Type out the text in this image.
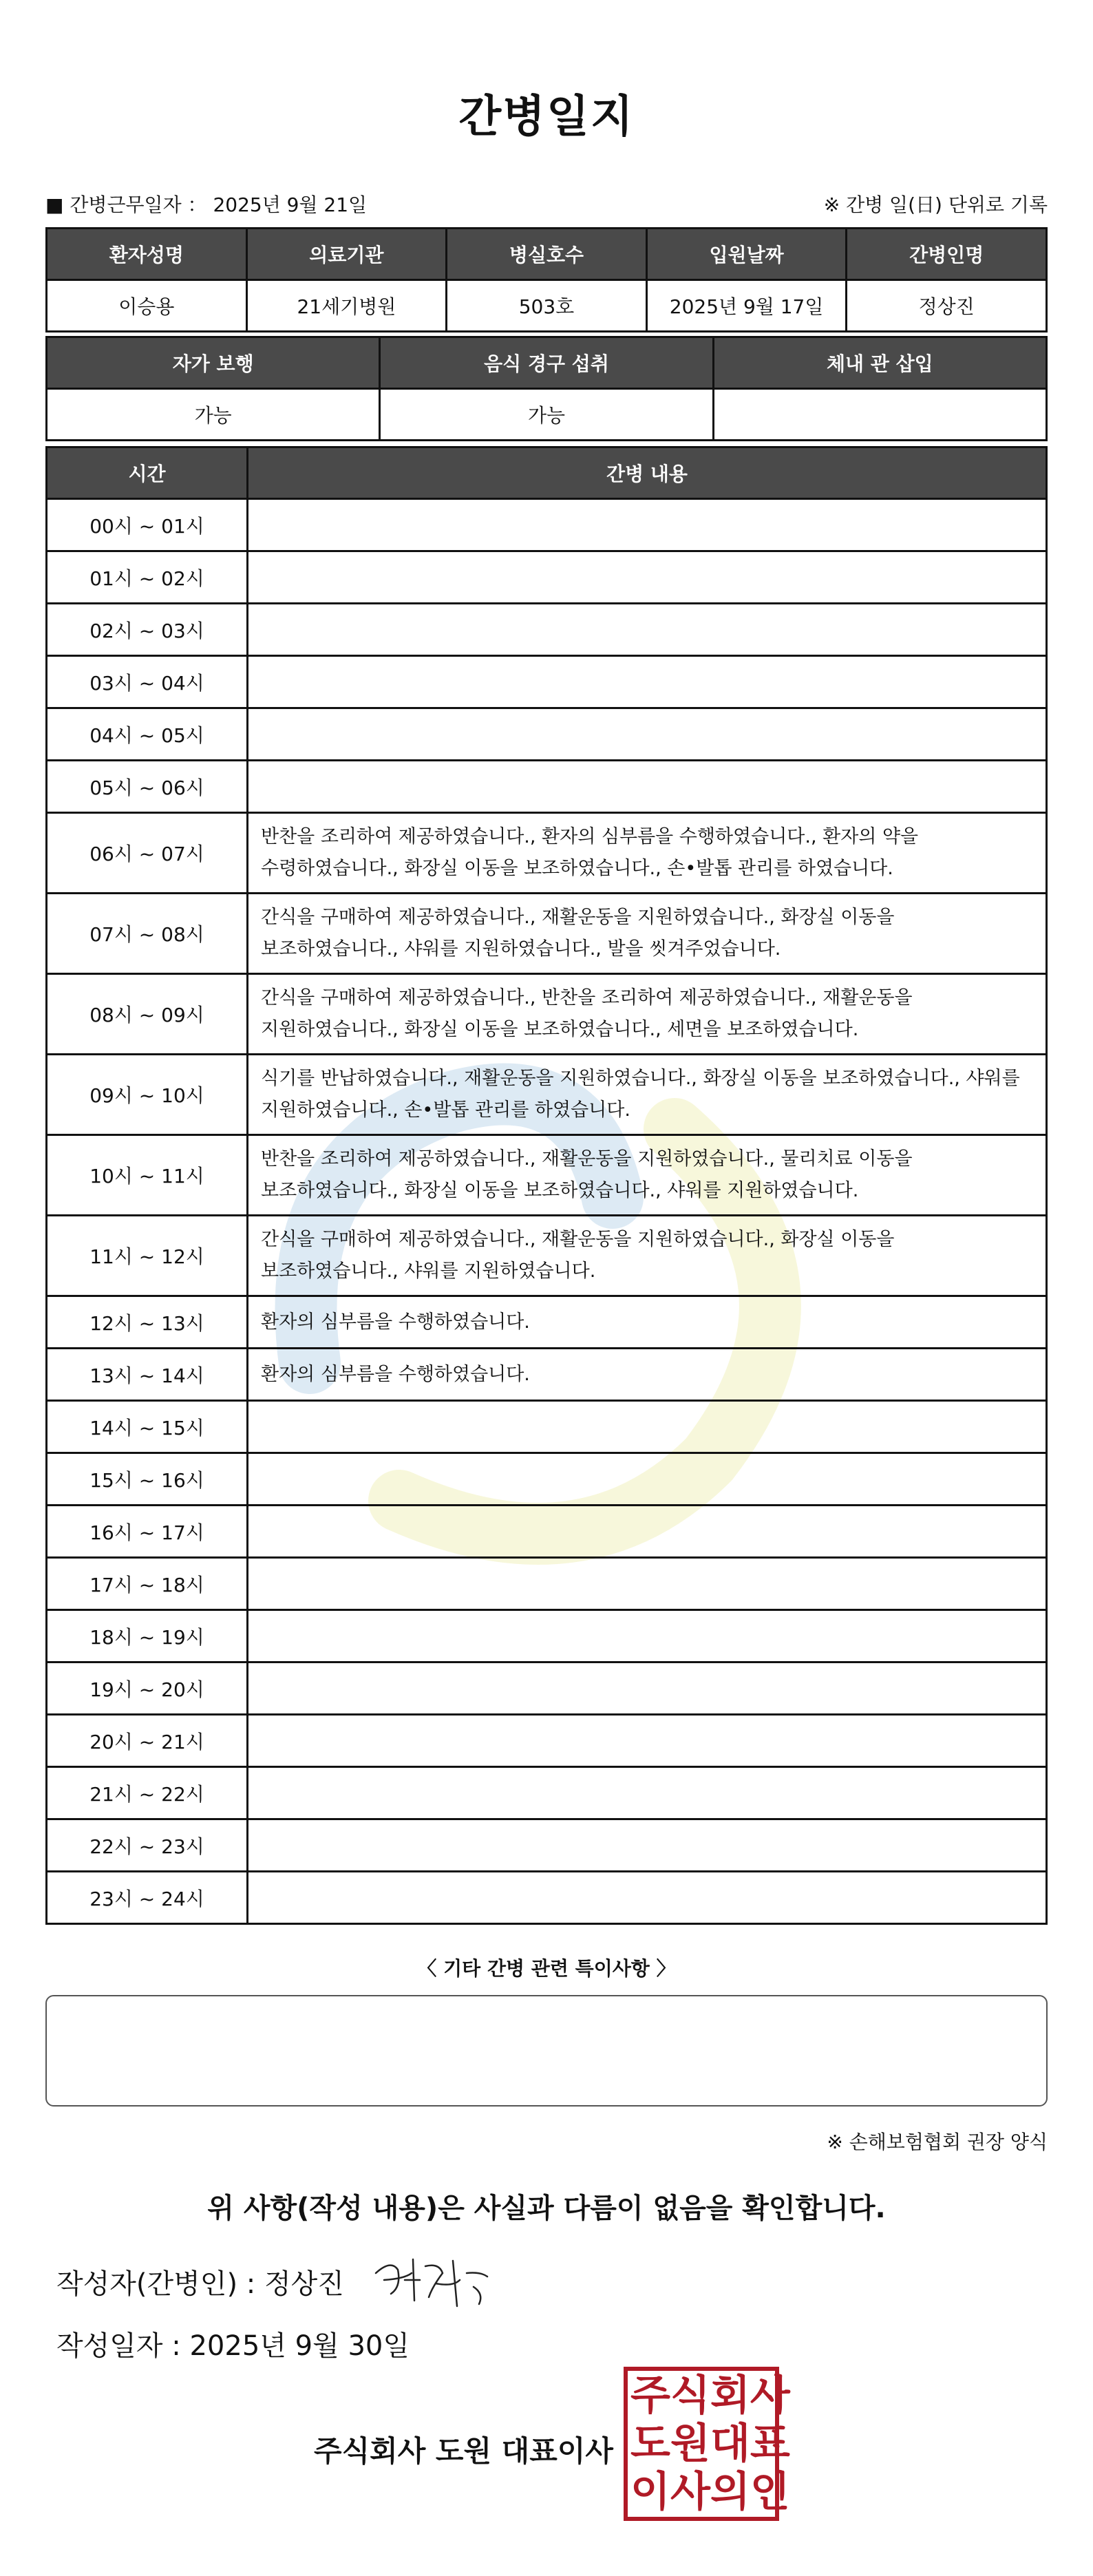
간병일지
■ 간병근무일자 ： 2025년 9월 21일	※ 간병 일(日) 단위로 기록
환자성명	의료기관	병실호수	입원날짜	간병인명
이승용	21세기병원	503호	2025년 9월 17일	정상진
자가 보행	음식 경구 섭취	체내 관 삽입
가능	가능	
시간	간병 내용
00시 ~ 01시	
01시 ~ 02시	
02시 ~ 03시	
03시 ~ 04시	
04시 ~ 05시	
05시 ~ 06시	
06시 ~ 07시	반찬을 조리하여 제공하였습니다., 환자의 심부름을 수행하였습니다., 환자의 약을 수령하였습니다., 화장실 이동을 보조하였습니다., 손•발톱 관리를 하였습니다.
07시 ~ 08시	간식을 구매하여 제공하였습니다., 재활운동을 지원하였습니다., 화장실 이동을 보조하였습니다., 샤워를 지원하였습니다., 발을 씻겨주었습니다.
08시 ~ 09시	간식을 구매하여 제공하였습니다., 반찬을 조리하여 제공하였습니다., 재활운동을 지원하였습니다., 화장실 이동을 보조하였습니다., 세면을 보조하였습니다.
09시 ~ 10시	식기를 반납하였습니다., 재활운동을 지원하였습니다., 화장실 이동을 보조하였습니다., 샤워를 지원하였습니다., 손•발톱 관리를 하였습니다.
10시 ~ 11시	반찬을 조리하여 제공하였습니다., 재활운동을 지원하였습니다., 물리치료 이동을 보조하였습니다., 화장실 이동을 보조하였습니다., 샤워를 지원하였습니다.
11시 ~ 12시	간식을 구매하여 제공하였습니다., 재활운동을 지원하였습니다., 화장실 이동을 보조하였습니다., 샤워를 지원하였습니다.
12시 ~ 13시	환자의 심부름을 수행하였습니다.
13시 ~ 14시	환자의 심부름을 수행하였습니다.
14시 ~ 15시	
15시 ~ 16시	
16시 ~ 17시	
17시 ~ 18시	
18시 ~ 19시	
19시 ~ 20시	
20시 ~ 21시	
21시 ~ 22시	
22시 ~ 23시	
23시 ~ 24시	
〈 기타 간병 관련 특이사항 〉
※ 손해보험협회 권장 양식
위 사항(작성 내용)은 사실과 다름이 없음을 확인합니다.
작성자(간병인) : 정상진
작성일자 : 2025년 9월 30일
주식회사 도원 대표이사
주 식 회 사
도 원 대 표
이 사 의 인
